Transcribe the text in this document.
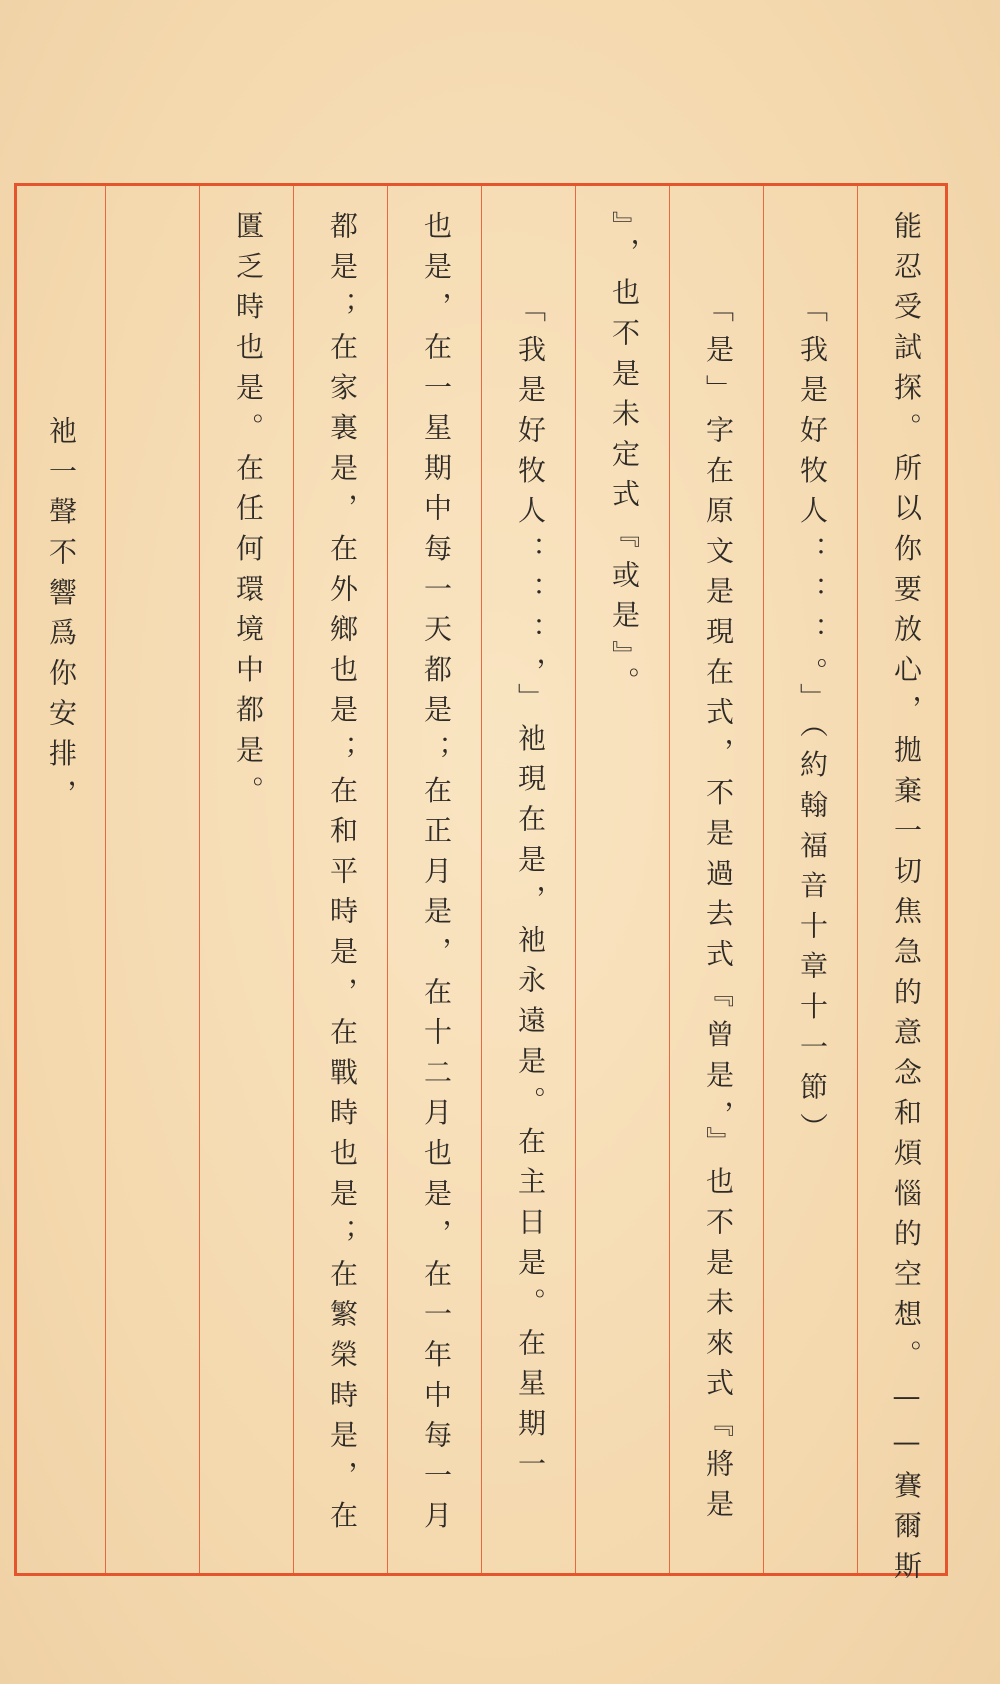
能忍受試探。所以你要放心，拋棄一切焦急的意念和煩惱的空想。——賽爾斯
「我是好牧人：：：。」（約翰福音十章十一節）
「是」字在原文是現在式，不是過去式『曾是，』也不是未來式『將是
』，也不是未定式『或是』。
「我是好牧人：：：，」祂現在是，祂永遠是。在主日是。在星期一
也是，在一星期中每一天都是；在正月是，在十二月也是，在一年中每一月
都是；在家裏是，在外鄉也是；在和平時是，在戰時也是；在繁榮時是，在
匱乏時也是。在任何環境中都是。
祂一聲不響爲你安排，
